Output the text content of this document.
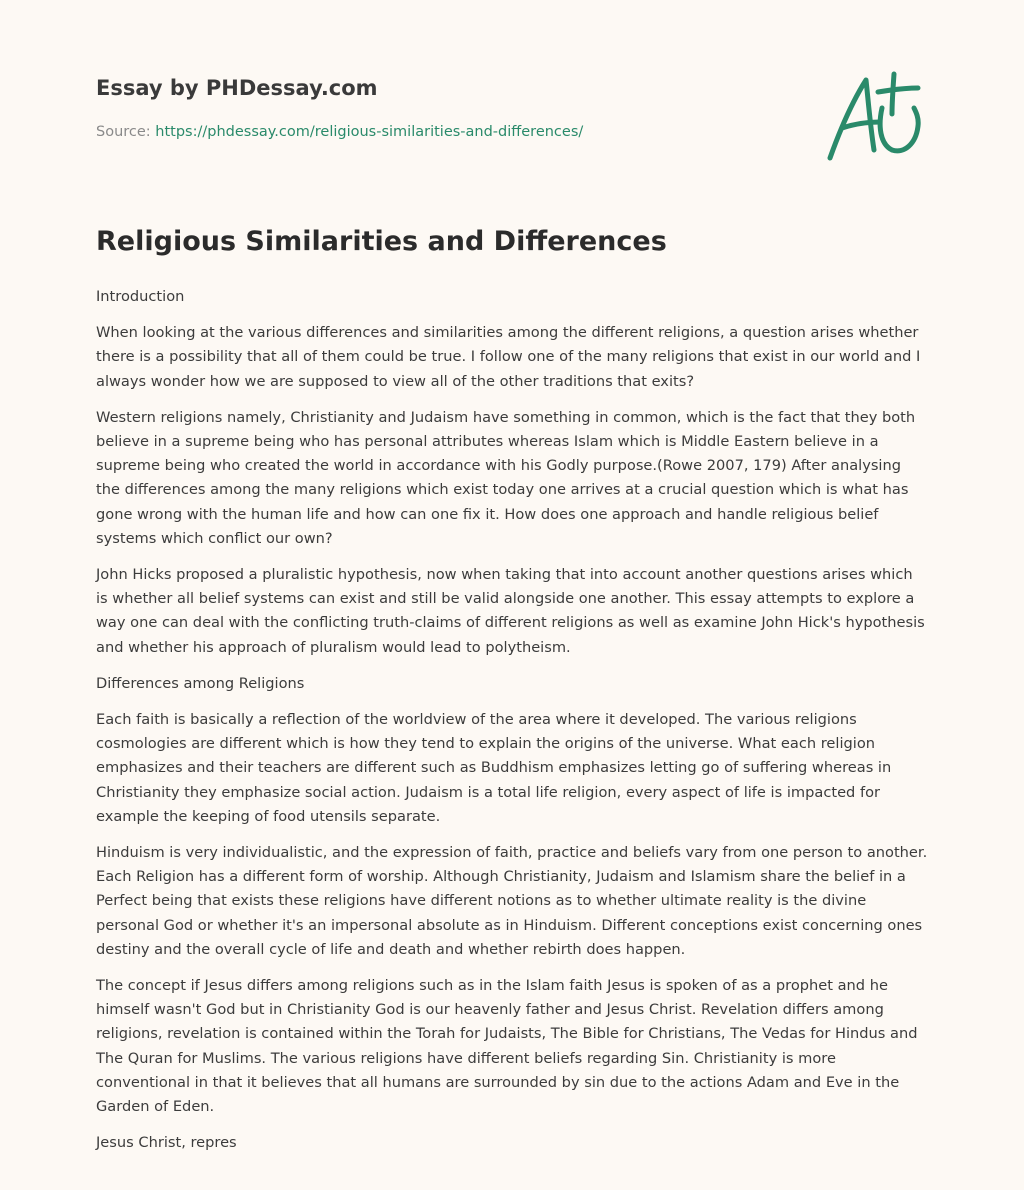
Essay by PHDessay.com
Source: https://phdessay.com/religious-similarities-and-differences/
Religious Similarities and Differences

Introduction

When looking at the various differences and similarities among the different religions, a question arises whether there is a possibility that all of them could be true. I follow one of the many religions that exist in our world and I always wonder how we are supposed to view all of the other traditions that exits?

Western religions namely, Christianity and Judaism have something in common, which is the fact that they both believe in a supreme being who has personal attributes whereas Islam which is Middle Eastern believe in a supreme being who created the world in accordance with his Godly purpose.(Rowe 2007, 179) After analysing the differences among the many religions which exist today one arrives at a crucial question which is what has gone wrong with the human life and how can one fix it. How does one approach and handle religious belief systems which conflict our own?

John Hicks proposed a pluralistic hypothesis, now when taking that into account another questions arises which is whether all belief systems can exist and still be valid alongside one another. This essay attempts to explore a way one can deal with the conflicting truth-claims of different religions as well as examine John Hick's hypothesis and whether his approach of pluralism would lead to polytheism.

Differences among Religions

Each faith is basically a reflection of the worldview of the area where it developed. The various religions cosmologies are different which is how they tend to explain the origins of the universe. What each religion emphasizes and their teachers are different such as Buddhism emphasizes letting go of suffering whereas in Christianity they emphasize social action. Judaism is a total life religion, every aspect of life is impacted for example the keeping of food utensils separate.

Hinduism is very individualistic, and the expression of faith, practice and beliefs vary from one person to another. Each Religion has a different form of worship. Although Christianity, Judaism and Islamism share the belief in a Perfect being that exists these religions have different notions as to whether ultimate reality is the divine personal God or whether it's an impersonal absolute as in Hinduism. Different conceptions exist concerning ones destiny and the overall cycle of life and death and whether rebirth does happen.

The concept if Jesus differs among religions such as in the Islam faith Jesus is spoken of as a prophet and he himself wasn't God but in Christianity God is our heavenly father and Jesus Christ. Revelation differs among religions, revelation is contained within the Torah for Judaists, The Bible for Christians, The Vedas for Hindus and The Quran for Muslims. The various religions have different beliefs regarding Sin. Christianity is more conventional in that it believes that all humans are surrounded by sin due to the actions Adam and Eve in the Garden of Eden.

Jesus Christ, repres
